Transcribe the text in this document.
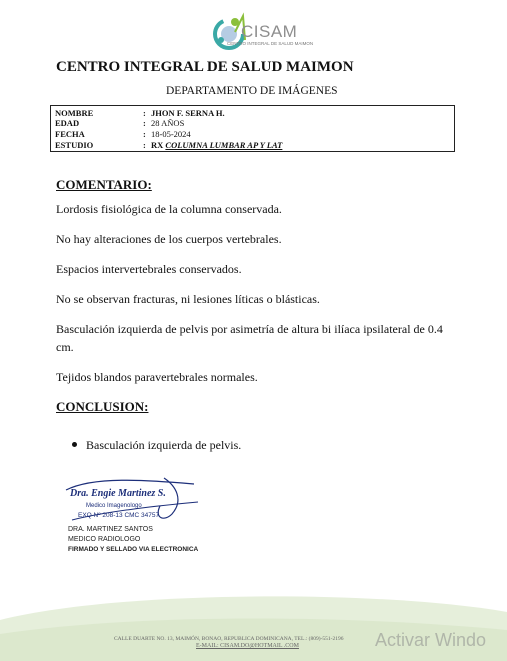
CISAM
CENTRO INTEGRAL DE SALUD MAIMON
CENTRO INTEGRAL DE SALUD MAIMON
DEPARTAMENTO DE IMÁGENES
NOMBRE	: JHON F. SERNA H.
EDAD	: 28 AÑOS
FECHA	: 18-05-2024
ESTUDIO	: RX COLUMNA LUMBAR AP Y LAT
COMENTARIO:
Lordosis fisiológica de la columna conservada.
No hay alteraciones de los cuerpos vertebrales.
Espacios intervertebrales conservados.
No se observan fracturas, ni lesiones líticas o blásticas.
Basculación izquierda de pelvis por asimetría de altura bi ilíaca ipsilateral de 0.4 cm.
Tejidos blandos paravertebrales normales.
CONCLUSION:
Basculación izquierda de pelvis.
Dra. Engie Martinez S.
Medico Imagenologo
EXQ Nº 208-13 CMC 34757
DRA. MARTINEZ SANTOS
MEDICO RADIOLOGO
FIRMADO Y SELLADO VIA ELECTRONICA
CALLE DUARTE NO. 13, MAIMÓN, BONAO, REPUBLICA DOMINICANA, TEL.: (809)-551-2196
E-MAIL: CISAM.DO@HOTMAIL .COM	Activar Windo
